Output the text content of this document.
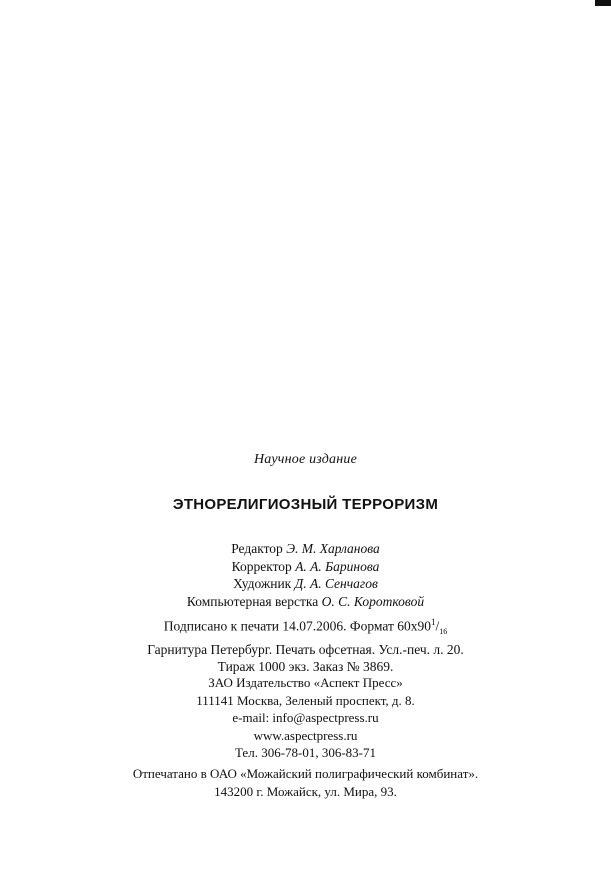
Научное издание
ЭТНОРЕЛИГИОЗНЫЙ ТЕРРОРИЗМ
Редактор Э. М. Харланова
Корректор А. А. Баринова
Художник Д. А. Сенчагов
Компьютерная верстка О. С. Коротковой
Подписано к печати 14.07.2006. Формат $60х90^1/_{16}$
Гарнитура Петербург. Печать офсетная. Усл.-печ. л. 20.
Тираж 1000 экз. Заказ № 3869.
ЗАО Издательство «Аспект Пресс»
111141 Москва, Зеленый проспект, д. 8.
e-mail: info@aspectpress.ru
www.aspectpress.ru
Тел. 306-78-01, 306-83-71
Отпечатано в ОАО «Можайский полиграфический комбинат».
143200 г. Можайск, ул. Мира, 93.
